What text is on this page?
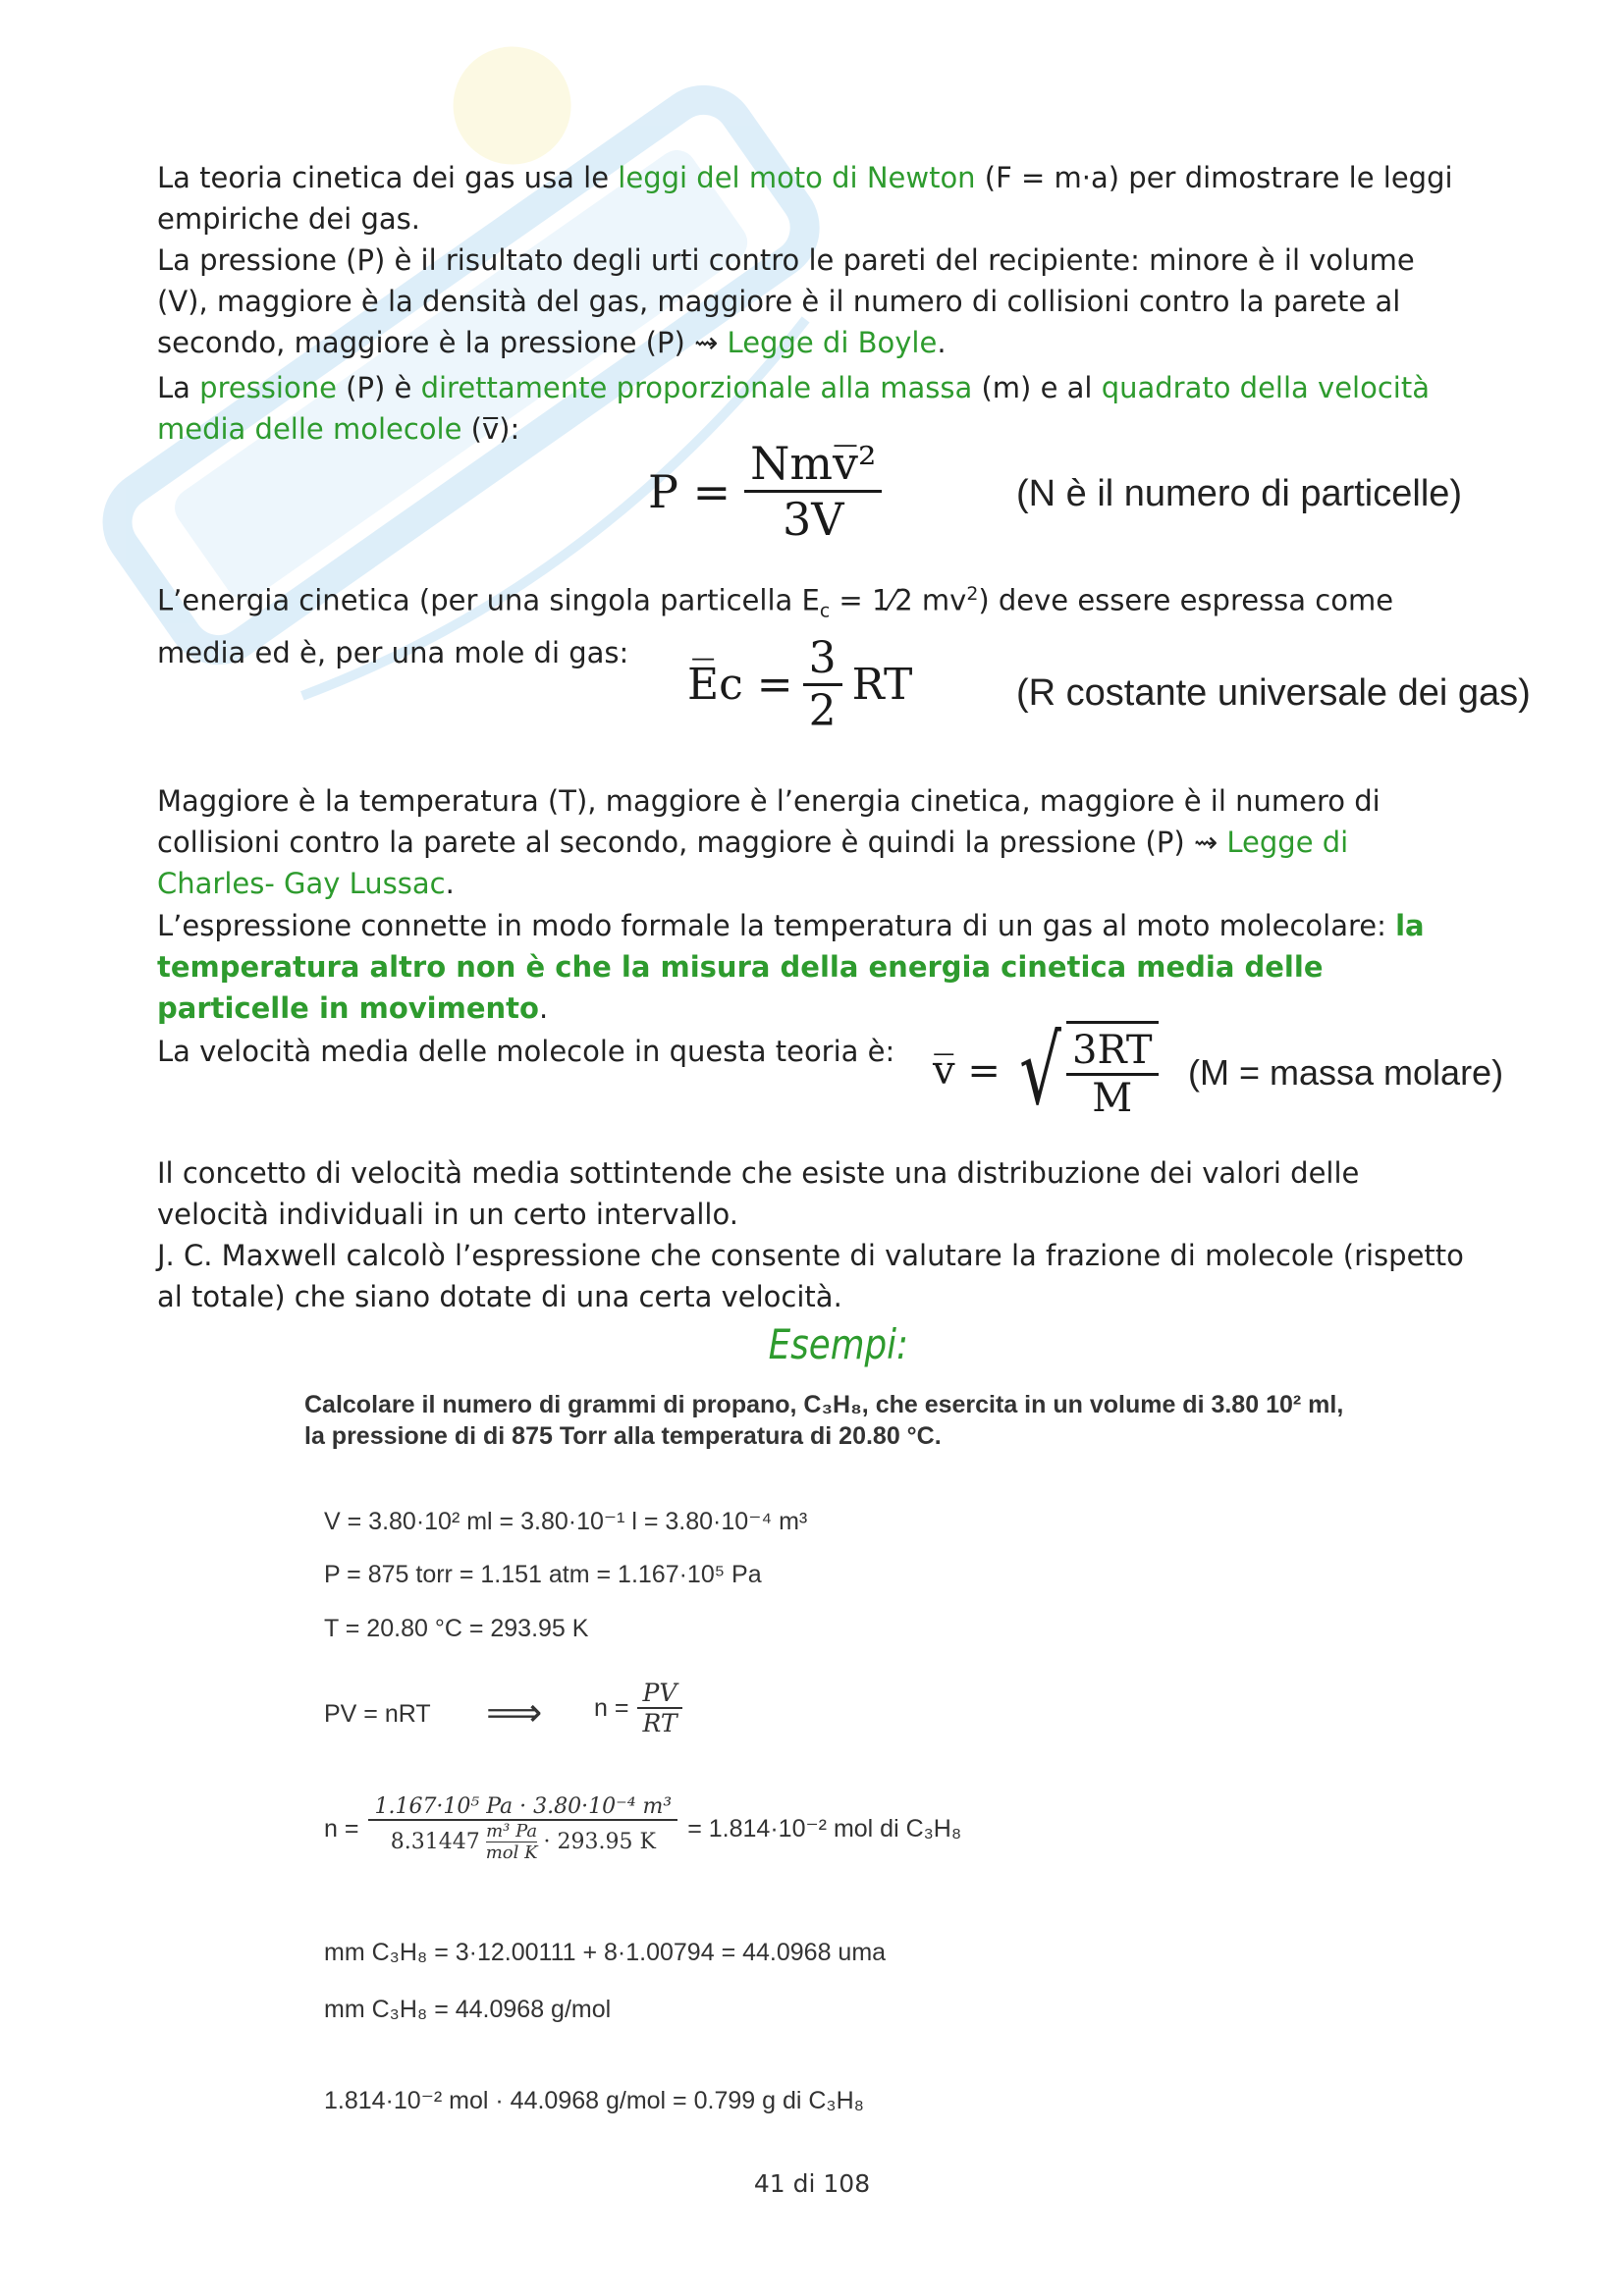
La teoria cinetica dei gas usa le leggi del moto di Newton (F = m·a) per dimostrare le leggi empiriche dei gas.

La pressione (P) è il risultato degli urti contro le pareti del recipiente: minore è il volume (V), maggiore è la densità del gas, maggiore è il numero di collisioni contro la parete al secondo, maggiore è la pressione (P) ⇝ Legge di Boyle.

La pressione (P) è direttamente proporzionale alla massa (m) e al quadrato della velocità media delle molecole (v̅):

$P = \frac{\text{Nmv̅²}}{3V}$	(N è il numero di particelle)

L’energia cinetica (per una singola particella $E_c$ = 1⁄2 $mv^2$) deve essere espressa come media ed è, per una mole di gas:

E̅c = $\frac{3}{2}$ RT	(R costante universale dei gas)

Maggiore è la temperatura (T), maggiore è l’energia cinetica, maggiore è il numero di collisioni contro la parete al secondo, maggiore è quindi la pressione (P) ⇝ Legge di Charles- Gay Lussac.

L’espressione connette in modo formale la temperatura di un gas al moto molecolare: la temperatura altro non è che la misura della energia cinetica media delle particelle in movimento.

La velocità media delle molecole in questa teoria è: v̅ = √ $\frac{3RT}{M} (M$ = massa molare)

Il concetto di velocità media sottintende che esiste una distribuzione dei valori delle velocità individuali in un certo intervallo.

J. C. Maxwell calcolò l’espressione che consente di valutare la frazione di molecole (rispetto al totale) che siano dotate di una certa velocità.

Esempi:
Calcolare il numero di grammi di propano, C₃H₈, che esercita in un volume di 3.80 10² ml, la pressione di di 875 Torr alla temperatura di 20.80 °C.
V = 3.80·10² ml = 3.80·10⁻¹ l = 3.80·10⁻⁴ m³
P = 875 torr = 1.151 atm = 1.167·10⁵ Pa
T = 20.80 °C = 293.95 K
PV = nRT ⟹ $n = \frac{PV}{RT}$
n =
1.167·10⁵ Pa · 3.80·10⁻⁴ m³
$8.31447 \frac{\text{m³ Pa}}{\text{mol K}} \cdot 293.95$ K = 1.814·10⁻² mol di C₃H₈
mm C₃H₈ = 3·12.00111 + 8·1.00794 = 44.0968 uma
mm C₃H₈ = 44.0968 g/mol
1.814·10⁻² mol · 44.0968 g/mol = 0.799 g di C₃H₈
41 di 108
